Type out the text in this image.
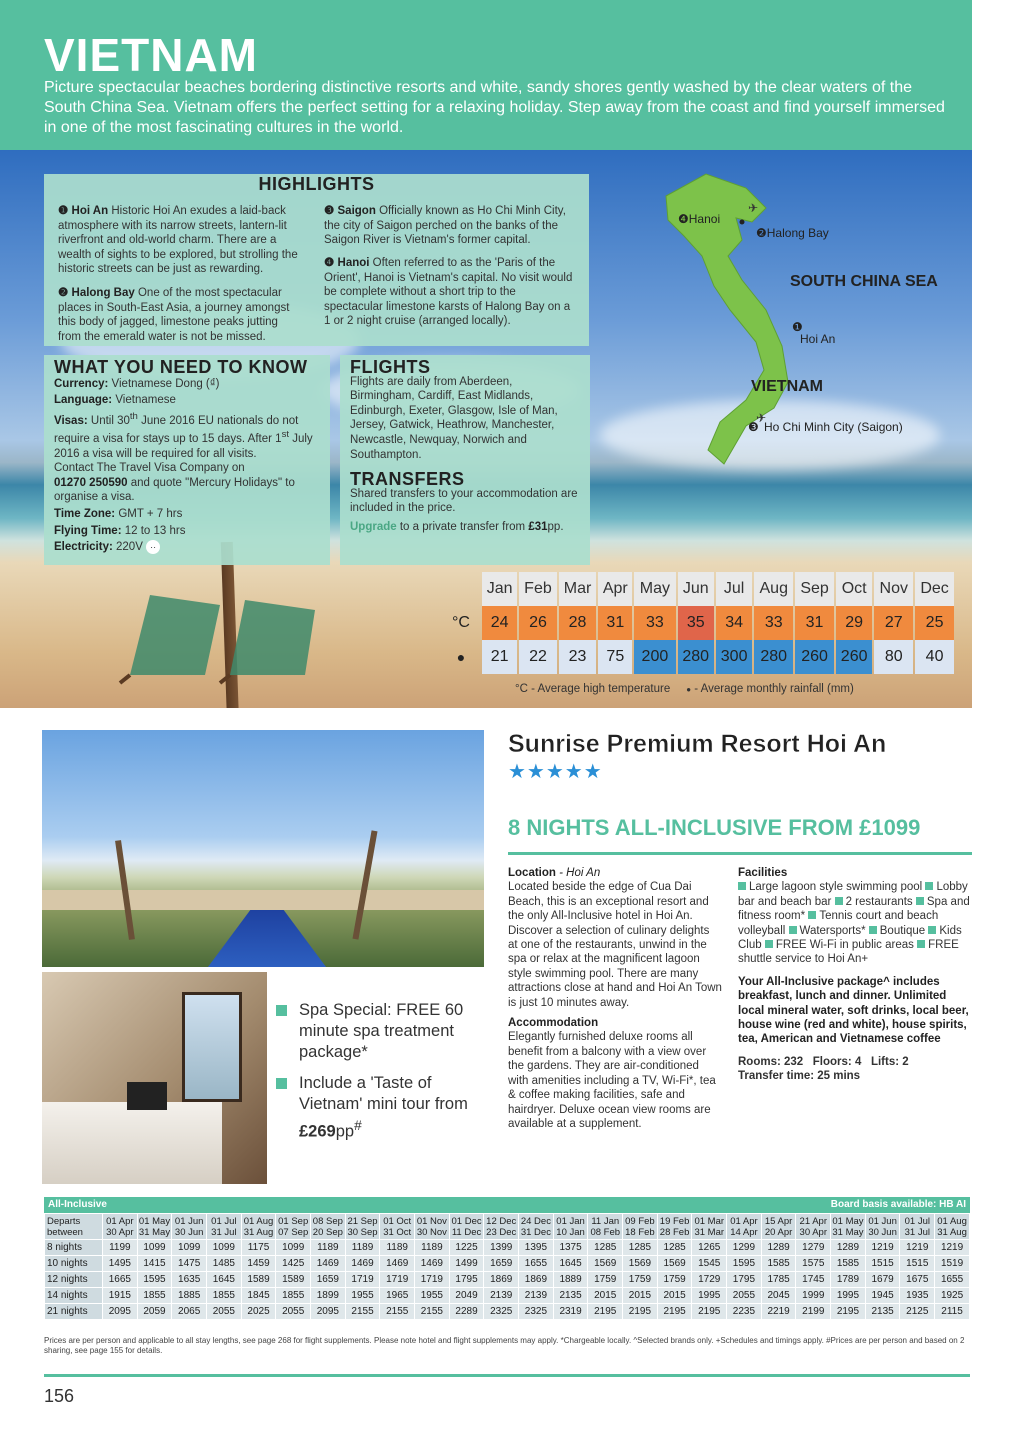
VIETNAM

Picture spectacular beaches bordering distinctive resorts and white, sandy shores gently washed by the clear waters of the South China Sea. Vietnam offers the perfect setting for a relaxing holiday. Step away from the coast and find yourself immersed in one of the most fascinating cultures in the world.

HIGHLIGHTS
❶ Hoi An Historic Hoi An exudes a laid-back atmosphere with its narrow streets, lantern-lit riverfront and old-world charm. There are a wealth of sights to be explored, but strolling the historic streets can be just as rewarding.
❷ Halong Bay One of the most spectacular places in South-East Asia, a journey amongst this body of jagged, limestone peaks jutting from the emerald water is not be missed.
❸ Saigon Officially known as Ho Chi Minh City, the city of Saigon perched on the banks of the Saigon River is Vietnam's former capital.
❹ Hanoi Often referred to as the 'Paris of the Orient', Hanoi is Vietnam's capital. No visit would be complete without a short trip to the spectacular limestone karsts of Halong Bay on a 1 or 2 night cruise (arranged locally).
WHAT YOU NEED TO KNOW

Currency: Vietnamese Dong (₫)

Language: Vietnamese

Visas: Until 30th June 2016 EU nationals do not require a visa for stays up to 15 days. After 1st July 2016 a visa will be required for all visits.
Contact The Travel Visa Company on
01270 250590 and quote "Mercury Holidays" to organise a visa.

Time Zone: GMT + 7 hrs

Flying Time: 12 to 13 hrs

Electricity: 220V ··

FLIGHTS

Flights are daily from Aberdeen, Birmingham, Cardiff, East Midlands, Edinburgh, Exeter, Glasgow, Isle of Man, Jersey, Gatwick, Heathrow, Manchester, Newcastle, Newquay, Norwich and Southampton.

TRANSFERS

Shared transfers to your accommodation are included in the price.

Upgrade to a private transfer from £31pp.

✈
✈
❹Hanoi
❷Halong Bay
SOUTH CHINA SEA
❶
Hoi An
VIETNAM
❸ Ho Chi Minh City (Saigon)
	Jan	Feb	Mar	Apr	May	Jun	Jul	Aug	Sep	Oct	Nov	Dec
°C	24	26	28	31	33	35	34	33	31	29	27	25
●	21	22	23	75	200	280	300	280	260	260	80	40
°C - Average high temperature ● - Average monthly rainfall (mm)
Spa Special: FREE 60 minute spa treatment package*
Include a 'Taste of Vietnam' mini tour from £269pp#
Sunrise Premium Resort Hoi An
★★★★★
8 NIGHTS ALL-INCLUSIVE FROM £1099
Location - Hoi An

Located beside the edge of Cua Dai Beach, this is an exceptional resort and the only All-Inclusive hotel in Hoi An. Discover a selection of culinary delights at one of the restaurants, unwind in the spa or relax at the magnificent lagoon style swimming pool. There are many attractions close at hand and Hoi An Town is just 10 minutes away.

Accommodation

Elegantly furnished deluxe rooms all benefit from a balcony with a view over the gardens. They are air-conditioned with amenities including a TV, Wi-Fi*, tea & coffee making facilities, safe and hairdryer. Deluxe ocean view rooms are available at a supplement.

Facilities
Large lagoon style swimming pool Lobby bar and beach bar 2 restaurants Spa and fitness room* Tennis court and beach volleyball Watersports* Boutique Kids Club FREE Wi-Fi in public areas FREE shuttle service to Hoi An+

Your All-Inclusive package^ includes breakfast, lunch and dinner. Unlimited local mineral water, soft drinks, local beer, house wine (red and white), house spirits, tea, American and Vietnamese coffee

Rooms: 232 Floors: 4 Lifts: 2
Transfer time: 25 mins

All-Inclusive	Board basis available: HB AI
Departs between	01 Apr 30 Apr	01 May 31 May	01 Jun 30 Jun	01 Jul 31 Jul	01 Aug 31 Aug	01 Sep 07 Sep	08 Sep 20 Sep	21 Sep 30 Sep	01 Oct 31 Oct	01 Nov 30 Nov	01 Dec 11 Dec	12 Dec 23 Dec	24 Dec 31 Dec	01 Jan 10 Jan	11 Jan 08 Feb	09 Feb 18 Feb	19 Feb 28 Feb	01 Mar 31 Mar	01 Apr 14 Apr	15 Apr 20 Apr	21 Apr 30 Apr	01 May 31 May	01 Jun 30 Jun	01 Jul 31 Jul	01 Aug 31 Aug
8 nights	1199	1099	1099	1099	1175	1099	1189	1189	1189	1189	1225	1399	1395	1375	1285	1285	1285	1265	1299	1289	1279	1289	1219	1219	1219
10 nights	1495	1415	1475	1485	1459	1425	1469	1469	1469	1469	1499	1659	1655	1645	1569	1569	1569	1545	1595	1585	1575	1585	1515	1515	1519
12 nights	1665	1595	1635	1645	1589	1589	1659	1719	1719	1719	1795	1869	1869	1889	1759	1759	1759	1729	1795	1785	1745	1789	1679	1675	1655
14 nights	1915	1855	1885	1855	1845	1855	1899	1955	1965	1955	2049	2139	2139	2135	2015	2015	2015	1995	2055	2045	1999	1995	1945	1935	1925
21 nights	2095	2059	2065	2055	2025	2055	2095	2155	2155	2155	2289	2325	2325	2319	2195	2195	2195	2195	2235	2219	2199	2195	2135	2125	2115
Prices are per person and applicable to all stay lengths, see page 268 for flight supplements. Please note hotel and flight supplements may apply. *Chargeable locally. ^Selected brands only. +Schedules and timings apply. #Prices are per person and based on 2 sharing, see page 155 for details.
156
